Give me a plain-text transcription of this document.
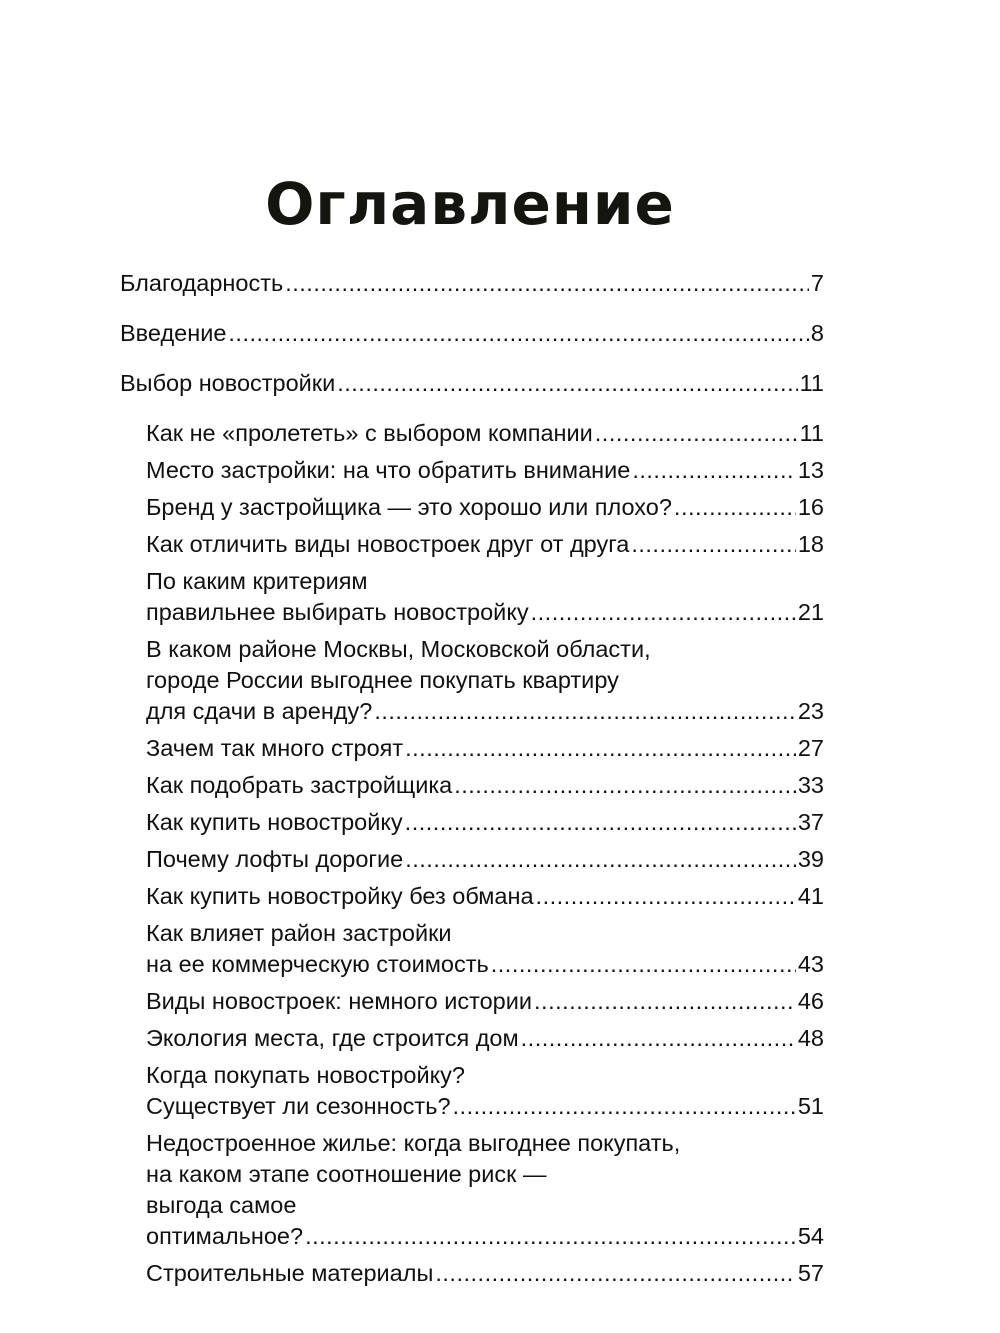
Оглавление
Благодарность .....	7
Введение .....	8
Выбор новостройки .....	11
Как не «пролететь» с выбором компании .....	11
Место застройки: на что обратить внимание .....	13
Бренд у застройщика — это хорошо или плохо? .....	16
Как отличить виды новостроек друг от друга .....	18
По каким критериям
правильнее выбирать новостройку .....	21
В каком районе Москвы, Московской области,
городе России выгоднее покупать квартиру
для сдачи в аренду? .....	23
Зачем так много строят .....	27
Как подобрать застройщика .....	33
Как купить новостройку .....	37
Почему лофты дорогие .....	39
Как купить новостройку без обмана .....	41
Как влияет район застройки
на ее коммерческую стоимость .....	43
Виды новостроек: немного истории .....	46
Экология места, где строится дом .....	48
Когда покупать новостройку?
Существует ли сезонность? .....	51
Недостроенное жилье: когда выгоднее покупать,
на каком этапе соотношение риск —
выгода самое
оптимальное? .....	54
Строительные материалы .....	57
